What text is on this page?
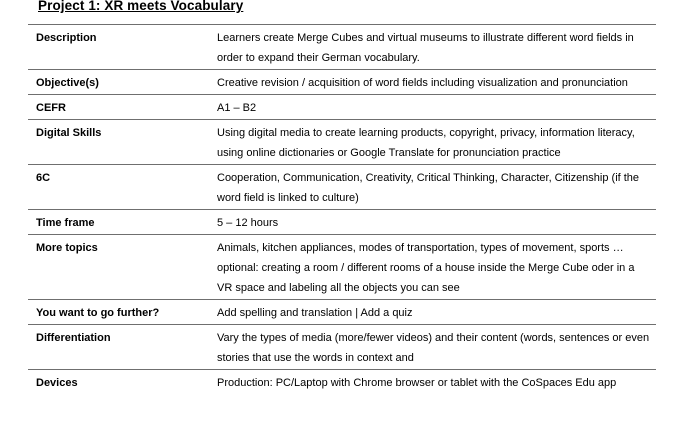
Project 1: XR meets Vocabulary
Description	Learners create Merge Cubes and virtual museums to illustrate different word fields in order to expand their German vocabulary.
Objective(s)	Creative revision / acquisition of word fields including visualization and pronunciation
CEFR	A1 – B2
Digital Skills	Using digital media to create learning products, copyright, privacy, information literacy, using online dictionaries or Google Translate for pronunciation practice
6C	Cooperation, Communication, Creativity, Critical Thinking, Character, Citizenship (if the word field is linked to culture)
Time frame	5 – 12 hours
More topics	Animals, kitchen appliances, modes of transportation, types of movement, sports … optional: creating a room / different rooms of a house inside the Merge Cube oder in a VR space and labeling all the objects you can see
You want to go further?	Add spelling and translation | Add a quiz
Differentiation	Vary the types of media (more/fewer videos) and their content (words, sentences or even stories that use the words in context and
Devices	Production: PC/Laptop with Chrome browser or tablet with the CoSpaces Edu app
